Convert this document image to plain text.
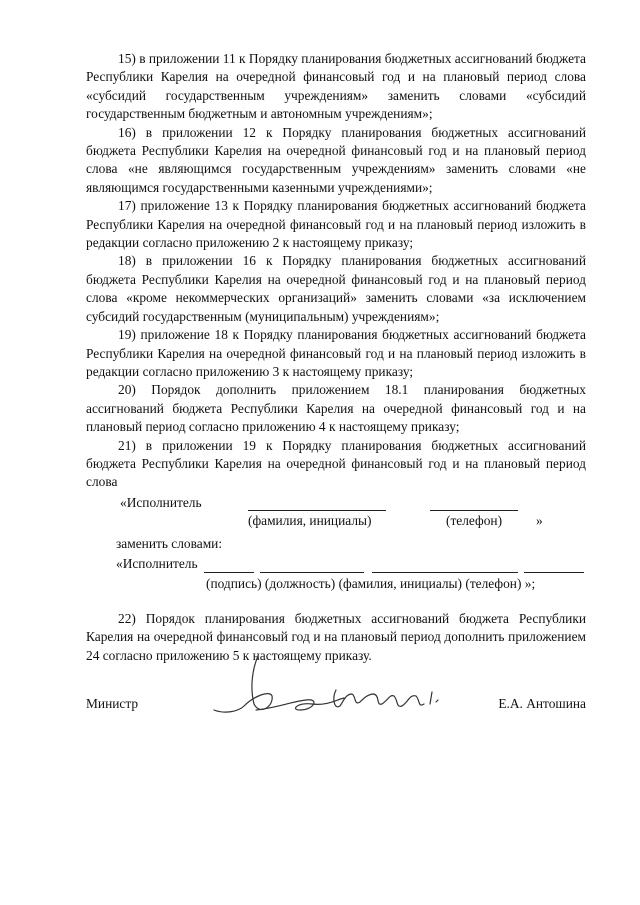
15) в приложении 11 к Порядку планирования бюджетных ассигнований бюджета Республики Карелия на очередной финансовый год и на плановый период слова «субсидий государственным учреждениям» заменить словами «субсидий государственным бюджетным и автономным учреждениям»;
16) в приложении 12 к Порядку планирования бюджетных ассигнований бюджета Республики Карелия на очередной финансовый год и на плановый период слова «не являющимся государственным учреждениям» заменить словами «не являющимся государственными казенными учреждениями»;
17) приложение 13 к Порядку планирования бюджетных ассигнований бюджета Республики Карелия на очередной финансовый год и на плановый период изложить в редакции согласно приложению 2 к настоящему приказу;
18) в приложении 16 к Порядку планирования бюджетных ассигнований бюджета Республики Карелия на очередной финансовый год и на плановый период слова «кроме некоммерческих организаций» заменить словами «за исключением субсидий государственным (муниципальным) учреждениям»;
19) приложение 18 к Порядку планирования бюджетных ассигнований бюджета Республики Карелия на очередной финансовый год и на плановый период изложить в редакции согласно приложению 3 к настоящему приказу;
20) Порядок дополнить приложением 18.1 планирования бюджетных ассигнований бюджета Республики Карелия на очередной финансовый год и на плановый период согласно приложению 4 к настоящему приказу;
21) в приложении 19 к Порядку планирования бюджетных ассигнований бюджета Республики Карелия на очередной финансовый год и на плановый период слова
«Исполнитель
(фамилия, инициалы)	(телефон)	»
заменить словами:
«Исполнитель
(подпись) (должность) (фамилия, инициалы) (телефон) »;
22) Порядок планирования бюджетных ассигнований бюджета Республики Карелия на очередной финансовый год и на плановый период дополнить приложением 24 согласно приложению 5 к настоящему приказу.
Министр	Е.А. Антошина
